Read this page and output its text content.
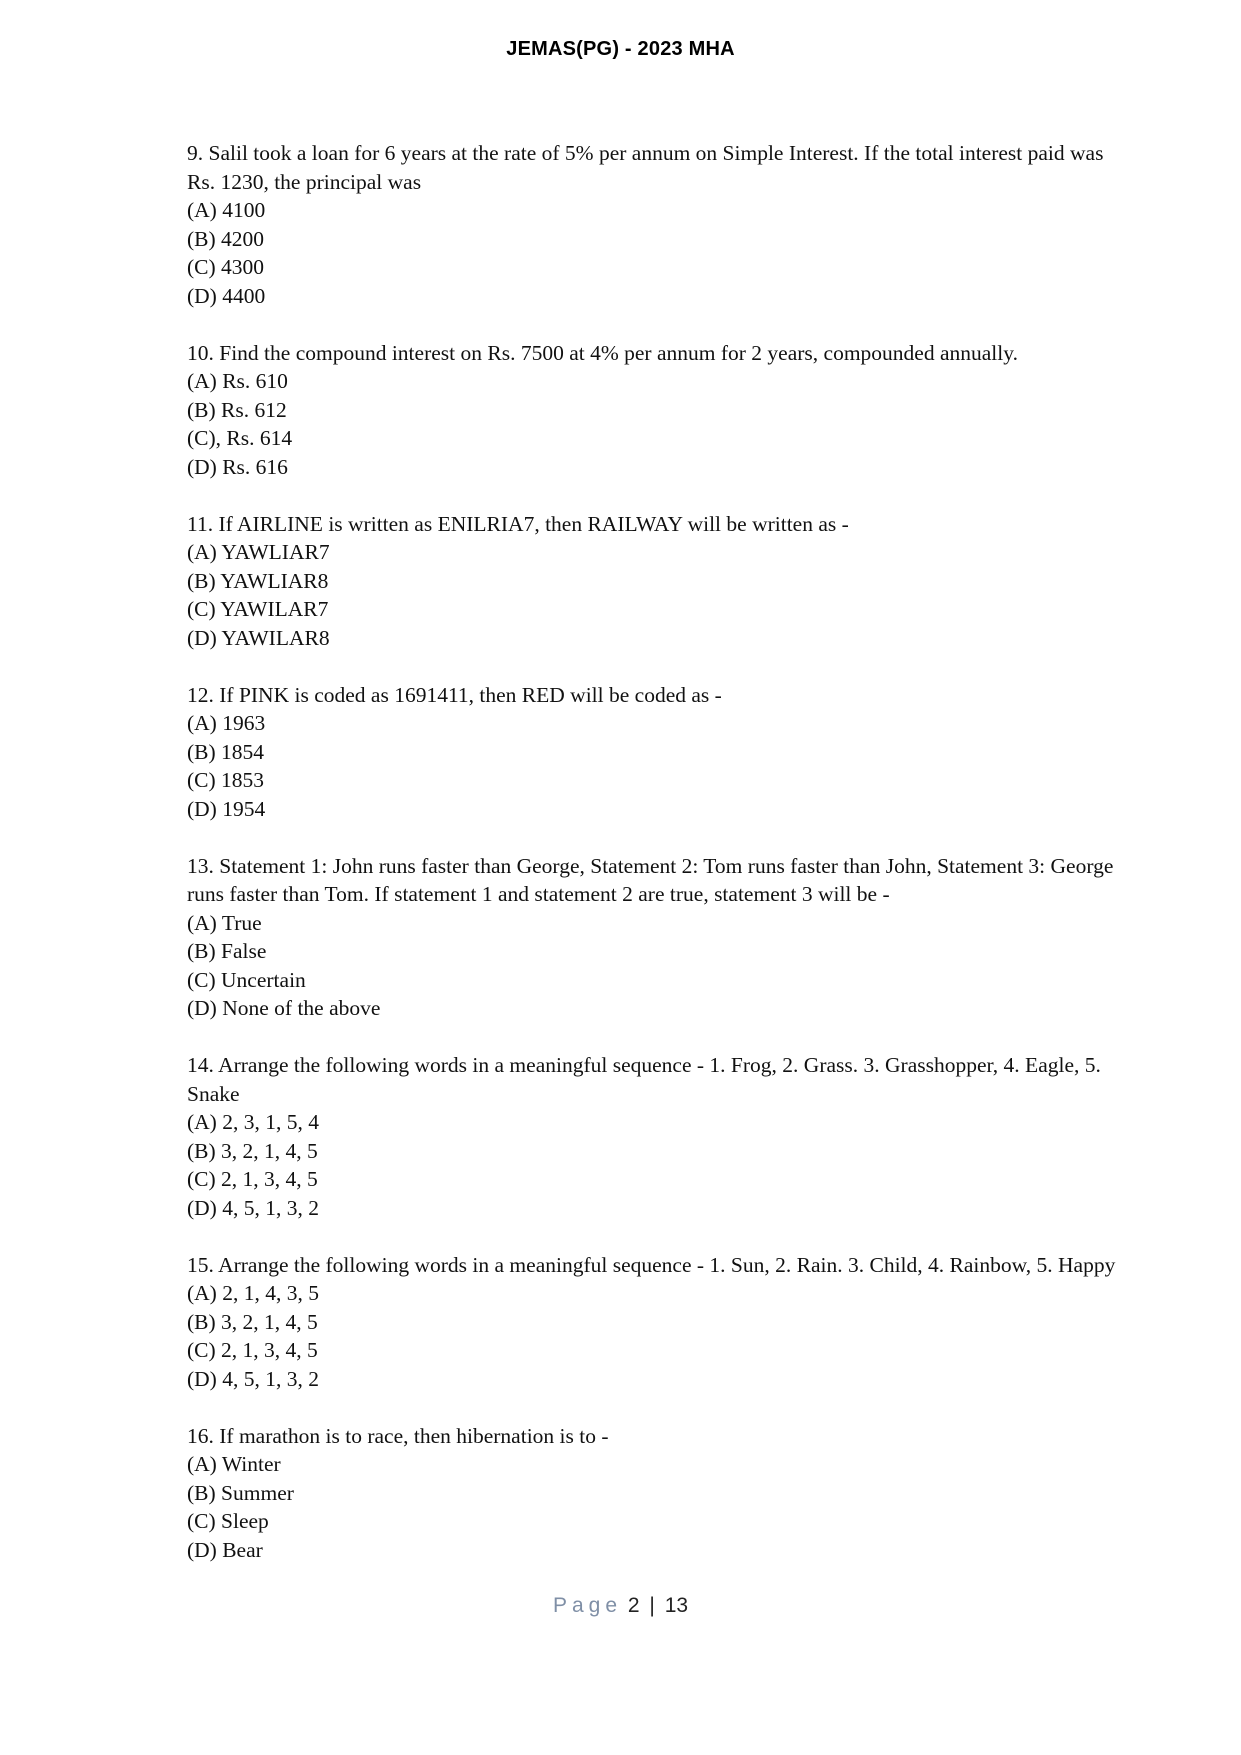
JEMAS(PG) - 2023 MHA
9. Salil took a loan for 6 years at the rate of 5% per annum on Simple Interest. If the total interest paid was Rs. 1230, the principal was
(A) 4100
(B) 4200
(C) 4300
(D) 4400
10. Find the compound interest on Rs. 7500 at 4% per annum for 2 years, compounded annually.
(A) Rs. 610
(B) Rs. 612
(C), Rs. 614
(D) Rs. 616
11. If AIRLINE is written as ENILRIA7, then RAILWAY will be written as -
(A) YAWLIAR7
(B) YAWLIAR8
(C) YAWILAR7
(D) YAWILAR8
12. If PINK is coded as 1691411, then RED will be coded as -
(A) 1963
(B) 1854
(C) 1853
(D) 1954
13. Statement 1: John runs faster than George, Statement 2: Tom runs faster than John, Statement 3: George runs faster than Tom. If statement 1 and statement 2 are true, statement 3 will be -
(A) True
(B) False
(C) Uncertain
(D) None of the above
14. Arrange the following words in a meaningful sequence - 1. Frog, 2. Grass. 3. Grasshopper, 4. Eagle, 5. Snake
(A) 2, 3, 1, 5, 4
(B) 3, 2, 1, 4, 5
(C) 2, 1, 3, 4, 5
(D) 4, 5, 1, 3, 2
15. Arrange the following words in a meaningful sequence - 1. Sun, 2. Rain. 3. Child, 4. Rainbow, 5. Happy
(A) 2, 1, 4, 3, 5
(B) 3, 2, 1, 4, 5
(C) 2, 1, 3, 4, 5
(D) 4, 5, 1, 3, 2
16. If marathon is to race, then hibernation is to -
(A) Winter
(B) Summer
(C) Sleep
(D) Bear
Page 2 | 13
